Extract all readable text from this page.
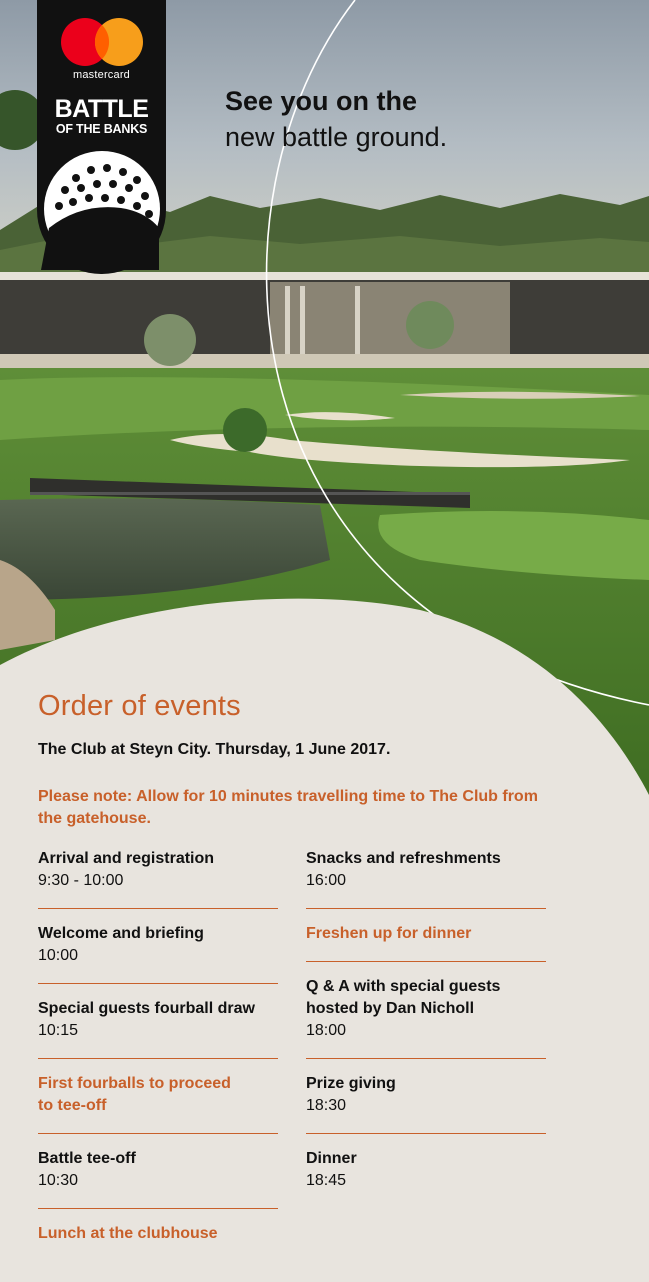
mastercard
BATTLE
OF THE BANKS
See you on the
new battle ground.
Order of events

The Club at Steyn City. Thursday, 1 June 2017.

Please note: Allow for 10 minutes travelling time to The Club from the gatehouse.

Arrival and registration
9:30 - 10:00
Welcome and briefing
10:00
Special guests fourball draw
10:15
First fourballs to proceed
to tee-off
Battle tee-off
10:30
Lunch at the clubhouse
Snacks and refreshments
16:00
Freshen up for dinner
Q & A with special guests
hosted by Dan Nicholl
18:00
Prize giving
18:30
Dinner
18:45
